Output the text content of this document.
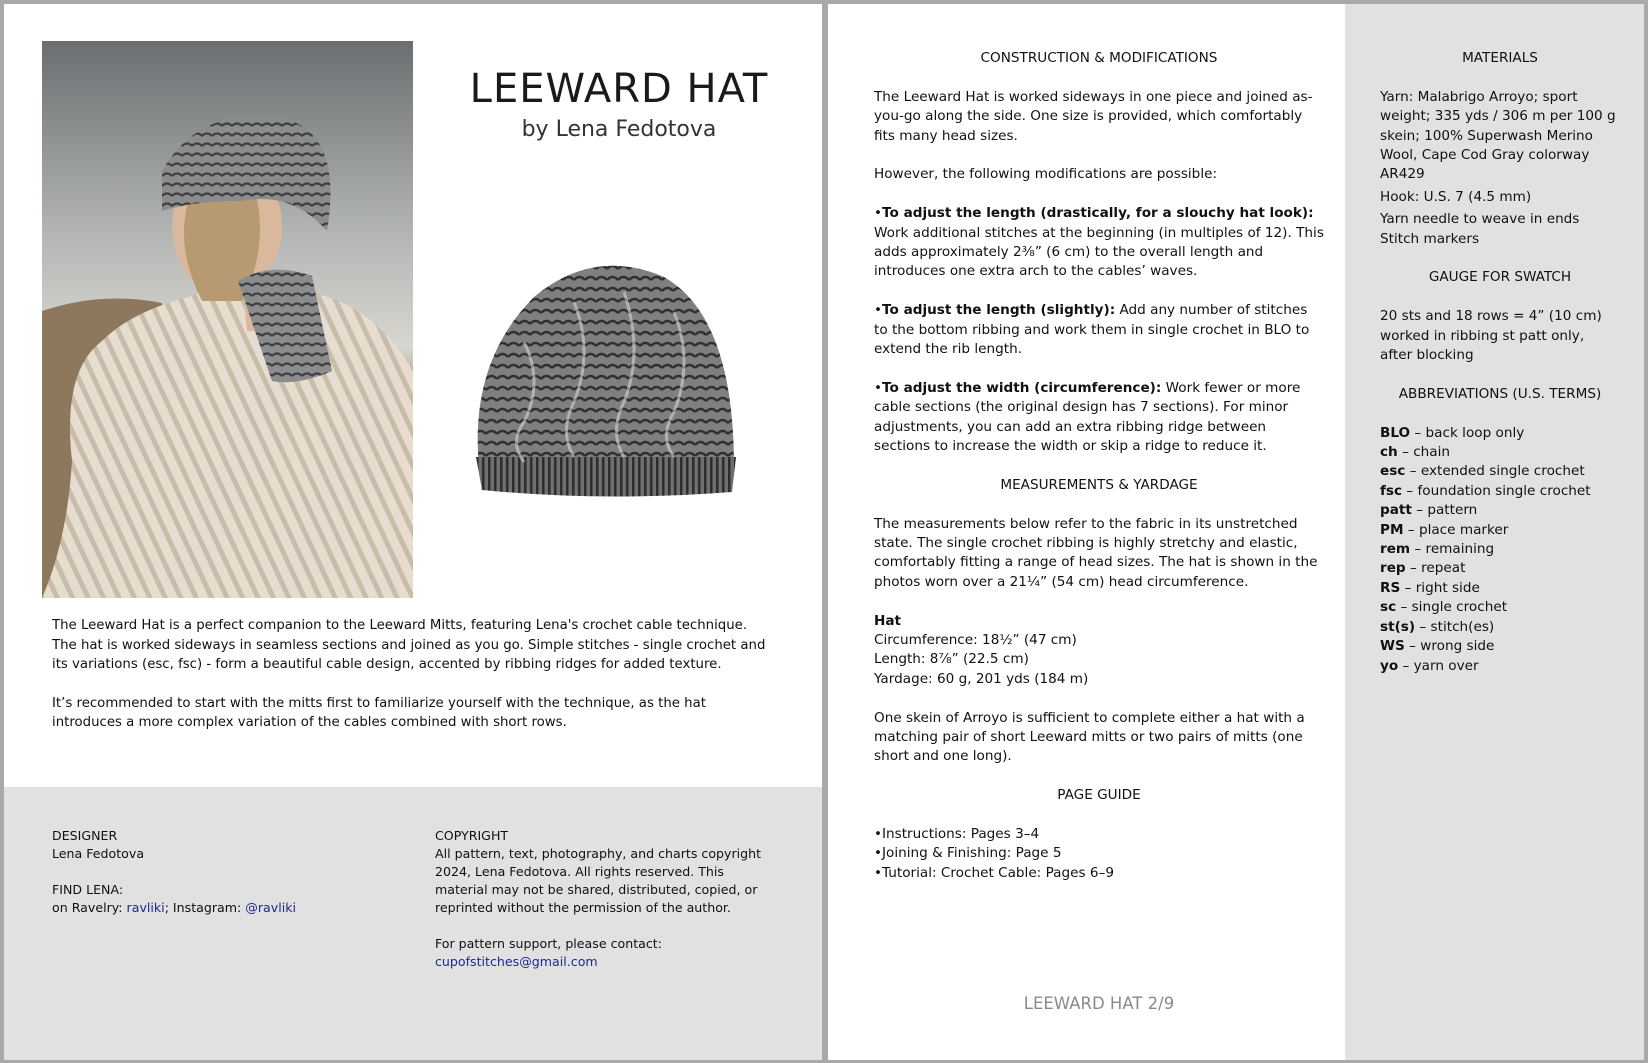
LEEWARD HAT
by Lena Fedotova

The Leeward Hat is a perfect companion to the Leeward Mitts, featuring Lena's crochet cable technique. The hat is worked sideways in seamless sections and joined as you go. Simple stitches - single crochet and its variations (esc, fsc) - form a beautiful cable design, accented by ribbing ridges for added texture.

It’s recommended to start with the mitts first to familiarize yourself with the technique, as the hat introduces a more complex variation of the cables combined with short rows.

DESIGNER
Lena Fedotova
FIND LENA:
on Ravelry: ravliki; Instagram: @ravliki
COPYRIGHT
All pattern, text, photography, and charts copyright 2024, Lena Fedotova. All rights reserved. This material may not be shared, distributed, copied, or reprinted without the permission of the author.
For pattern support, please contact:
cupofstitches@gmail.com
CONSTRUCTION & MODIFICATIONS

The Leeward Hat is worked sideways in one piece and joined as-you-go along the side. One size is provided, which comfortably fits many head sizes.

However, the following modifications are possible:

•To adjust the length (drastically, for a slouchy hat look): Work additional stitches at the beginning (in multiples of 12). This adds approximately 2⅜” (6 cm) to the overall length and introduces one extra arch to the cables’ waves.

•To adjust the length (slightly): Add any number of stitches to the bottom ribbing and work them in single crochet in BLO to extend the rib length.

•To adjust the width (circumference): Work fewer or more cable sections (the original design has 7 sections). For minor adjustments, you can add an extra ribbing ridge between sections to increase the width or skip a ridge to reduce it.

MEASUREMENTS & YARDAGE

The measurements below refer to the fabric in its unstretched state. The single crochet ribbing is highly stretchy and elastic, comfortably fitting a range of head sizes. The hat is shown in the photos worn over a 21¼” (54 cm) head circumference.

Hat
Circumference: 18½” (47 cm)
Length: 8⅞” (22.5 cm)
Yardage: 60 g, 201 yds (184 m)

One skein of Arroyo is sufficient to complete either a hat with a matching pair of short Leeward mitts or two pairs of mitts (one short and one long).

PAGE GUIDE
•Instructions: Pages 3–4
•Joining & Finishing: Page 5
•Tutorial: Crochet Cable: Pages 6–9
LEEWARD HAT 2/9
MATERIALS

Yarn: Malabrigo Arroyo; sport weight; 335 yds / 306 m per 100 g skein; 100% Superwash Merino Wool, Cape Cod Gray colorway AR429

Hook: U.S. 7 (4.5 mm)

Yarn needle to weave in ends

Stitch markers

GAUGE FOR SWATCH

20 sts and 18 rows = 4” (10 cm) worked in ribbing st patt only, after blocking

ABBREVIATIONS (U.S. TERMS)
BLO – back loop only
ch – chain
esc – extended single crochet
fsc – foundation single crochet
patt – pattern
PM – place marker
rem – remaining
rep – repeat
RS – right side
sc – single crochet
st(s) – stitch(es)
WS – wrong side
yo – yarn over
